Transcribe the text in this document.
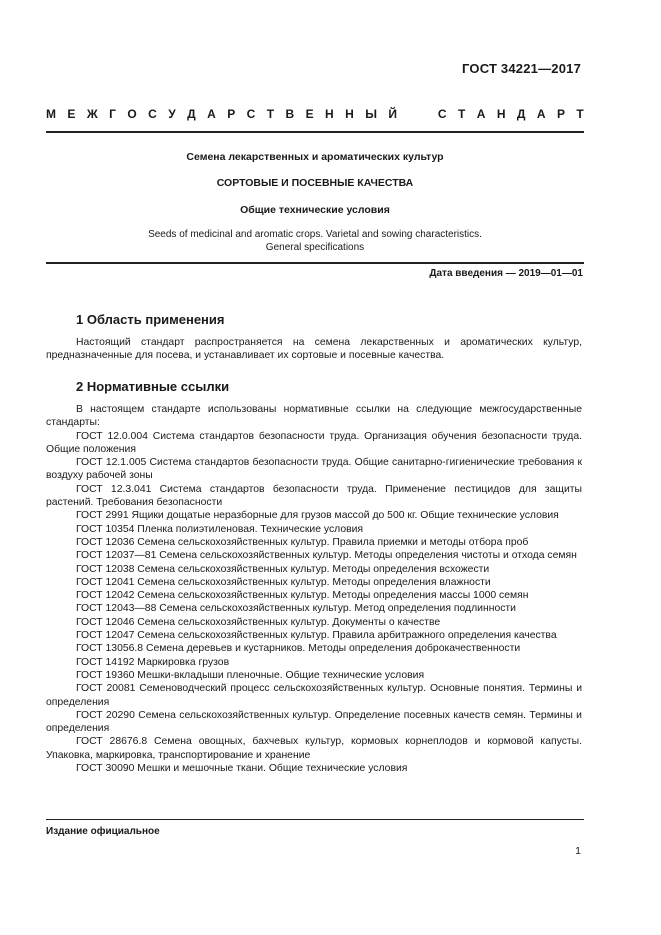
ГОСТ 34221—2017
М Е Ж Г О С У Д А Р С Т В Е Н Н Ы Й	С Т А Н Д А Р Т
Семена лекарственных и ароматических культур
СОРТОВЫЕ И ПОСЕВНЫЕ КАЧЕСТВА
Общие технические условия
Seeds of medicinal and aromatic crops. Varietal and sowing characteristics.
General specifications
Дата введения — 2019—01—01
1 Область применения

Настоящий стандарт распространяется на семена лекарственных и ароматических культур, предназначенные для посева, и устанавливает их сортовые и посевные качества.

2 Нормативные ссылки

В настоящем стандарте использованы нормативные ссылки на следующие межгосударственные стандарты:

ГОСТ 12.0.004 Система стандартов безопасности труда. Организация обучения безопасности труда. Общие положения

ГОСТ 12.1.005 Система стандартов безопасности труда. Общие санитарно-гигиенические требования к воздуху рабочей зоны

ГОСТ 12.3.041 Система стандартов безопасности труда. Применение пестицидов для защиты растений. Требования безопасности

ГОСТ 2991 Ящики дощатые неразборные для грузов массой до 500 кг. Общие технические условия

ГОСТ 10354 Пленка полиэтиленовая. Технические условия

ГОСТ 12036 Семена сельскохозяйственных культур. Правила приемки и методы отбора проб

ГОСТ 12037—81 Семена сельскохозяйственных культур. Методы определения чистоты и отхода семян

ГОСТ 12038 Семена сельскохозяйственных культур. Методы определения всхожести

ГОСТ 12041 Семена сельскохозяйственных культур. Методы определения влажности

ГОСТ 12042 Семена сельскохозяйственных культур. Методы определения массы 1000 семян

ГОСТ 12043—88 Семена сельскохозяйственных культур. Метод определения подлинности

ГОСТ 12046 Семена сельскохозяйственных культур. Документы о качестве

ГОСТ 12047 Семена сельскохозяйственных культур. Правила арбитражного определения качества

ГОСТ 13056.8 Семена деревьев и кустарников. Методы определения доброкачественности

ГОСТ 14192 Маркировка грузов

ГОСТ 19360 Мешки-вкладыши пленочные. Общие технические условия

ГОСТ 20081 Семеноводческий процесс сельскохозяйственных культур. Основные понятия. Термины и определения

ГОСТ 20290 Семена сельскохозяйственных культур. Определение посевных качеств семян. Термины и определения

ГОСТ 28676.8 Семена овощных, бахчевых культур, кормовых корнеплодов и кормовой капусты. Упаковка, маркировка, транспортирование и хранение

ГОСТ 30090 Мешки и мешочные ткани. Общие технические условия

Издание официальное
1
